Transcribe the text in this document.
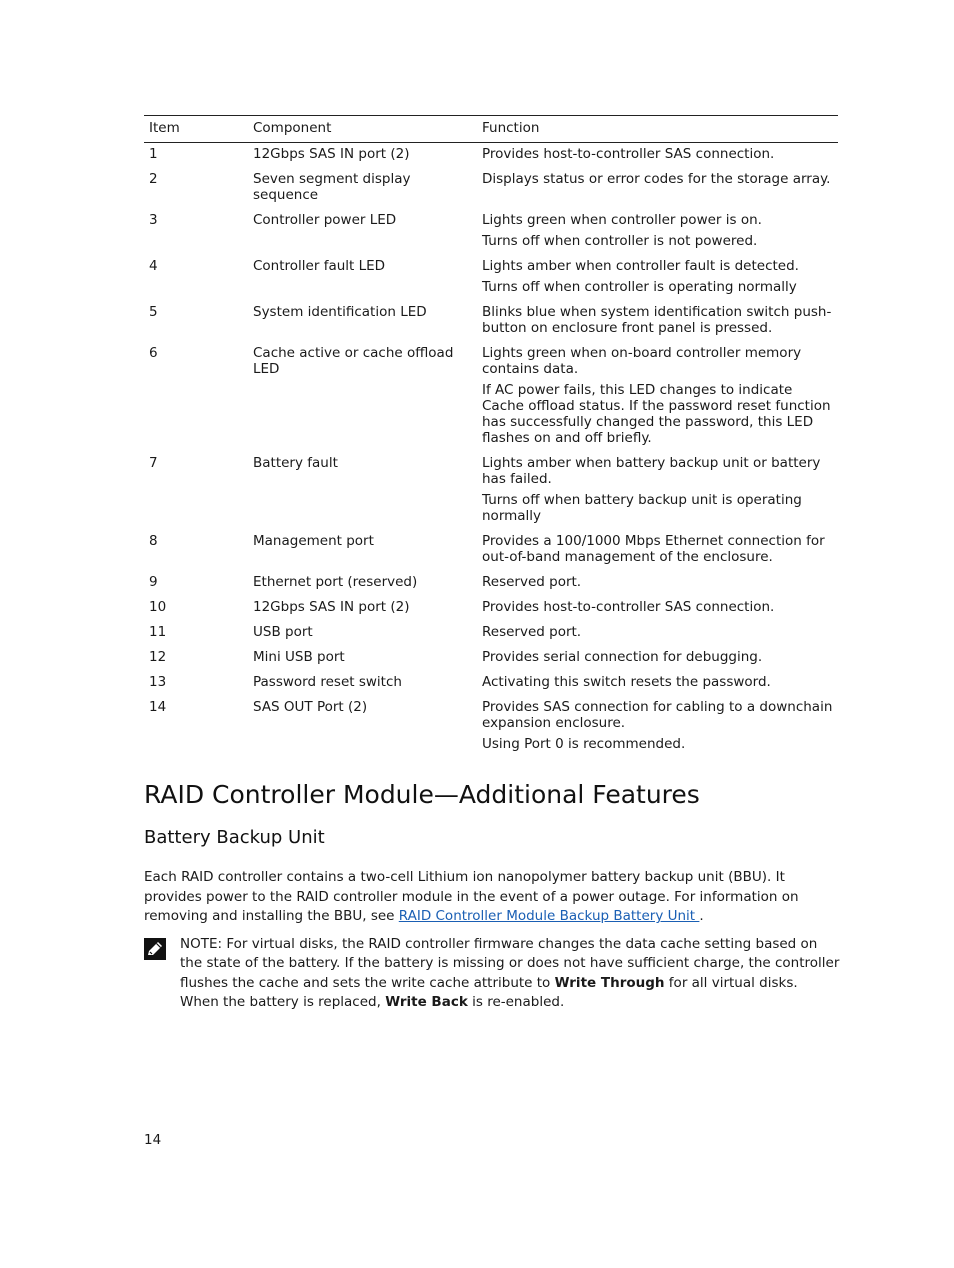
Item	Component	Function
1	12Gbps SAS IN port (2)	Provides host-to-controller SAS connection.

2	Seven segment display sequence	Displays status or error codes for the storage array.

3	Controller power LED	Lights green when controller power is on.
Turns off when controller is not powered.

4	Controller fault LED	Lights amber when controller fault is detected.
Turns off when controller is operating normally

5	System identification LED	Blinks blue when system identification switch push-button on enclosure front panel is pressed.

6	Cache active or cache offload LED	Lights green when on-board controller memory contains data.
If AC power fails, this LED changes to indicate Cache offload status. If the password reset function has successfully changed the password, this LED flashes on and off briefly.

7	Battery fault	Lights amber when battery backup unit or battery has failed.
Turns off when battery backup unit is operating normally

8	Management port	Provides a 100/1000 Mbps Ethernet connection for out-of-band management of the enclosure.

9	Ethernet port (reserved)	Reserved port.

10	12Gbps SAS IN port (2)	Provides host-to-controller SAS connection.

11	USB port	Reserved port.

12	Mini USB port	Provides serial connection for debugging.

13	Password reset switch	Activating this switch resets the password.

14	SAS OUT Port (2)	Provides SAS connection for cabling to a downchain expansion enclosure.
Using Port 0 is recommended.
RAID Controller Module—Additional Features
Battery Backup Unit

Each RAID controller contains a two-cell Lithium ion nanopolymer battery backup unit (BBU). It provides power to the RAID controller module in the event of a power outage. For information on removing and installing the BBU, see RAID Controller Module Backup Battery Unit .

NOTE: For virtual disks, the RAID controller firmware changes the data cache setting based on the state of the battery. If the battery is missing or does not have sufficient charge, the controller flushes the cache and sets the write cache attribute to Write Through for all virtual disks. When the battery is replaced, Write Back is re-enabled.

14
